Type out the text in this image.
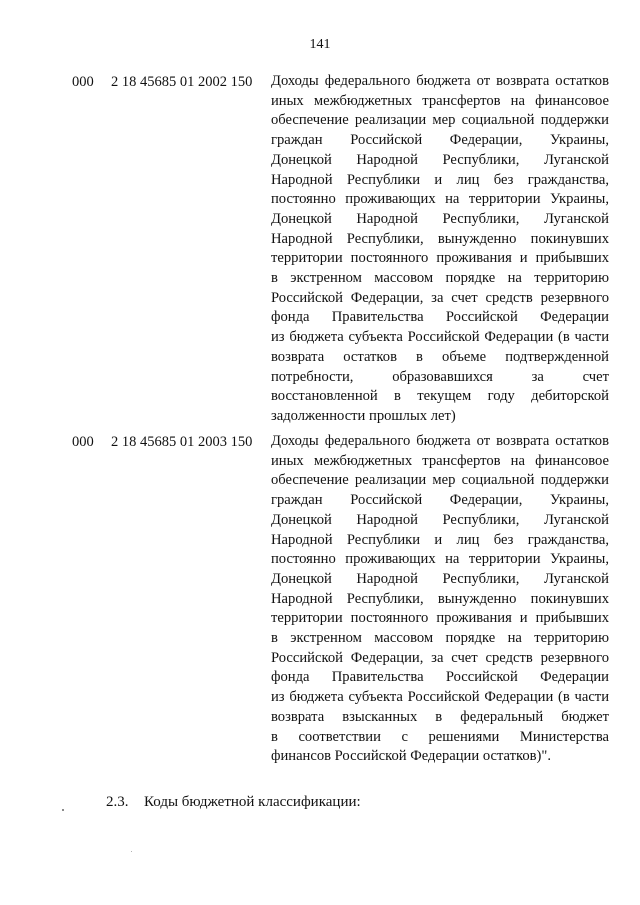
141
000 2 18 45685 01 2002 150 Доходы федерального бюджета от возврата остатков
иных межбюджетных трансфертов на финансовое
обеспечение реализации мер социальной поддержки
граждан Российской Федерации, Украины,
Донецкой Народной Республики, Луганской
Народной Республики и лиц без гражданства,
постоянно проживающих на территории Украины,
Донецкой Народной Республики, Луганской
Народной Республики, вынужденно покинувших
территории постоянного проживания и прибывших
в экстренном массовом порядке на территорию
Российской Федерации, за счет средств резервного
фонда Правительства Российской Федерации
из бюджета субъекта Российской Федерации (в части
возврата остатков в объеме подтвержденной
потребности, образовавшихся за счет
восстановленной в текущем году дебиторской
задолженности прошлых лет)
000 2 18 45685 01 2003 150 Доходы федерального бюджета от возврата остатков
иных межбюджетных трансфертов на финансовое
обеспечение реализации мер социальной поддержки
граждан Российской Федерации, Украины,
Донецкой Народной Республики, Луганской
Народной Республики и лиц без гражданства,
постоянно проживающих на территории Украины,
Донецкой Народной Республики, Луганской
Народной Республики, вынужденно покинувших
территории постоянного проживания и прибывших
в экстренном массовом порядке на территорию
Российской Федерации, за счет средств резервного
фонда Правительства Российской Федерации
из бюджета субъекта Российской Федерации (в части
возврата взысканных в федеральный бюджет
в соответствии с решениями Министерства
финансов Российской Федерации остатков)".
2.3. Коды бюджетной классификации:
